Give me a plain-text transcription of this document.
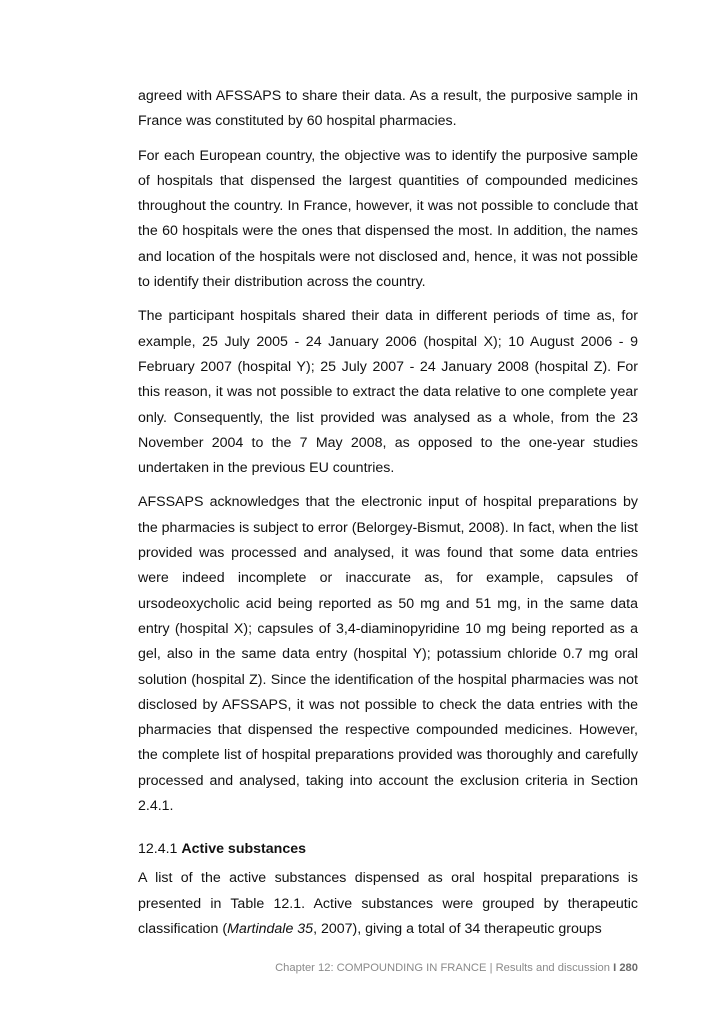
agreed with AFSSAPS to share their data. As a result, the purposive sample in France was constituted by 60 hospital pharmacies.

For each European country, the objective was to identify the purposive sample of hospitals that dispensed the largest quantities of compounded medicines throughout the country. In France, however, it was not possible to conclude that the 60 hospitals were the ones that dispensed the most. In addition, the names and location of the hospitals were not disclosed and, hence, it was not possible to identify their distribution across the country.

The participant hospitals shared their data in different periods of time as, for example, 25 July 2005 - 24 January 2006 (hospital X); 10 August 2006 - 9 February 2007 (hospital Y); 25 July 2007 - 24 January 2008 (hospital Z). For this reason, it was not possible to extract the data relative to one complete year only. Consequently, the list provided was analysed as a whole, from the 23 November 2004 to the 7 May 2008, as opposed to the one-year studies undertaken in the previous EU countries.

AFSSAPS acknowledges that the electronic input of hospital preparations by the pharmacies is subject to error (Belorgey-Bismut, 2008). In fact, when the list provided was processed and analysed, it was found that some data entries were indeed incomplete or inaccurate as, for example, capsules of ursodeoxycholic acid being reported as 50 mg and 51 mg, in the same data entry (hospital X); capsules of 3,4-diaminopyridine 10 mg being reported as a gel, also in the same data entry (hospital Y); potassium chloride 0.7 mg oral solution (hospital Z). Since the identification of the hospital pharmacies was not disclosed by AFSSAPS, it was not possible to check the data entries with the pharmacies that dispensed the respective compounded medicines. However, the complete list of hospital preparations provided was thoroughly and carefully processed and analysed, taking into account the exclusion criteria in Section 2.4.1.

12.4.1 Active substances

A list of the active substances dispensed as oral hospital preparations is presented in Table 12.1. Active substances were grouped by therapeutic classification (Martindale 35, 2007), giving a total of 34 therapeutic groups

Chapter 12: COMPOUNDING IN FRANCE | Results and discussion I 280
